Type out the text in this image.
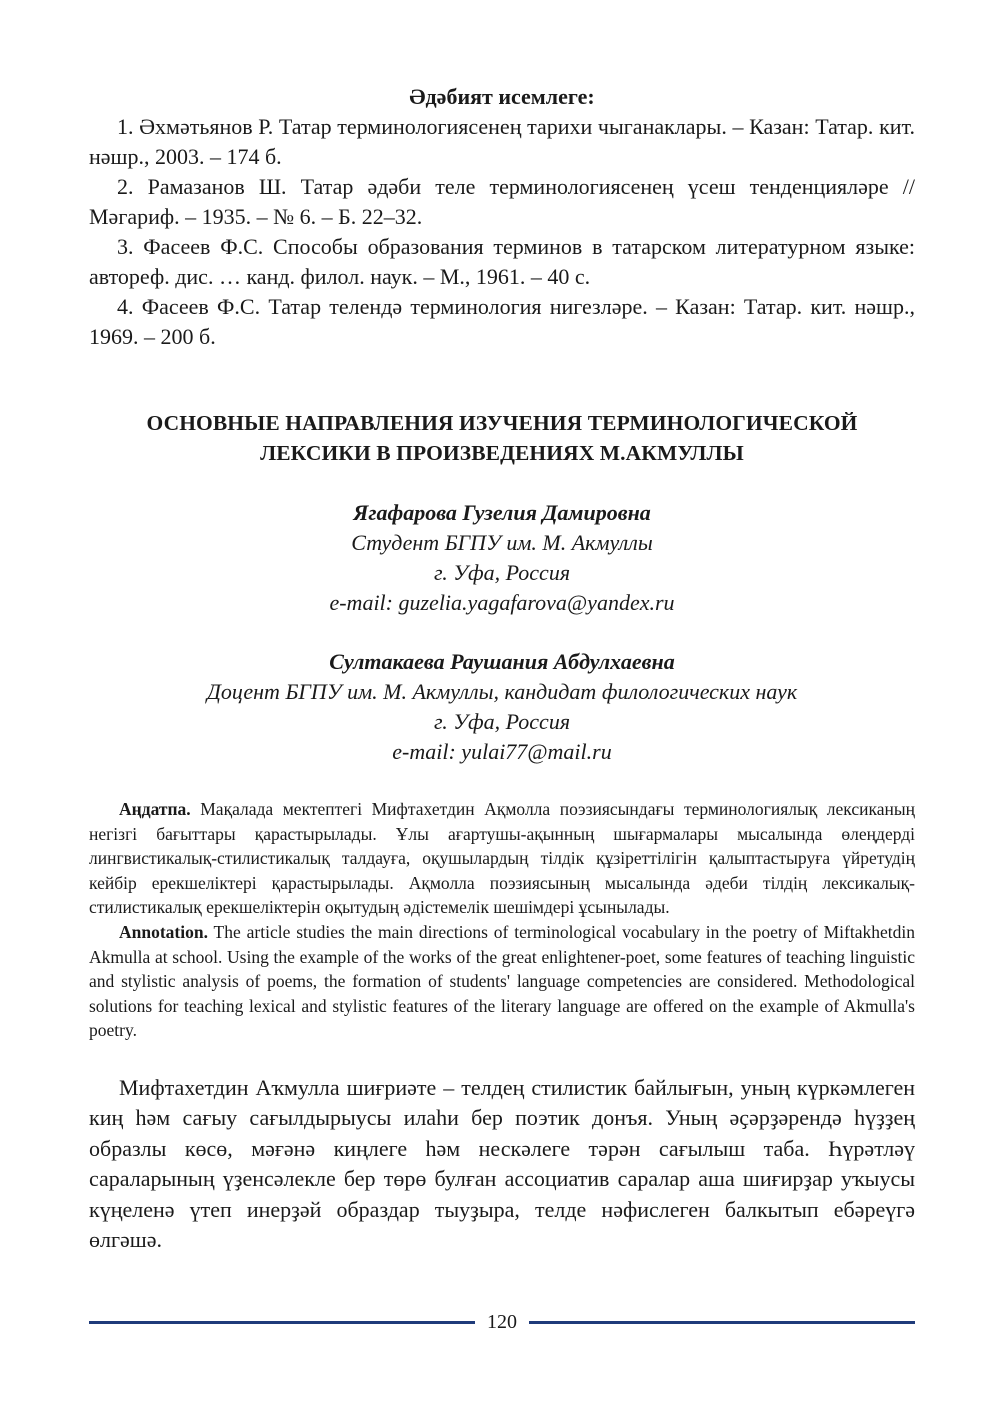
Әдәбият исемлеге:

1. Әхмәтьянов Р. Татар терминологиясенең тарихи чыганаклары. – Казан: Татар. кит. нәшр., 2003. – 174 б.

2. Рамазанов Ш. Татар әдәби теле терминологиясенең үсеш тенденцияләре // Мәгариф. – 1935. – № 6. – Б. 22–32.

3. Фасеев Ф.С. Способы образования терминов в татарском литературном языке: автореф. дис. … канд. филол. наук. – М., 1961. – 40 с.

4. Фасеев Ф.С. Татар телендә терминология нигезләре. – Казан: Татар. кит. нәшр., 1969. – 200 б.

ОСНОВНЫЕ НАПРАВЛЕНИЯ ИЗУЧЕНИЯ ТЕРМИНОЛОГИЧЕСКОЙ
ЛЕКСИКИ В ПРОИЗВЕДЕНИЯХ М.АКМУЛЛЫ
Ягафарова Гузелия Дамировна
Студент БГПУ им. М. Акмуллы
г. Уфа, Россия
e-mail: guzelia.yagafarova@yandex.ru
Султакаева Раушания Абдулхаевна
Доцент БГПУ им. М. Акмуллы, кандидат филологических наук
г. Уфа, Россия
e-mail: yulai77@mail.ru

Аңдатпа. Мақалада мектептегі Мифтахетдин Ақмолла поэзиясындағы терминологиялық лексиканың негізгі бағыттары қарастырылады. Ұлы ағартушы-ақынның шығармалары мысалында өлеңдерді лингвистикалық-стилистикалық талдауға, оқушылардың тілдік құзіреттілігін қалыптастыруға үйретудің кейбір ерекшеліктері қарастырылады. Ақмолла поэзиясының мысалында әдеби тілдің лексикалық-стилистикалық ерекшеліктерін оқытудың әдістемелік шешімдері ұсынылады.

Annotation. The article studies the main directions of terminological vocabulary in the poetry of Miftakhetdin Akmulla at school. Using the example of the works of the great enlightener-poet, some features of teaching linguistic and stylistic analysis of poems, the formation of students' language competencies are considered. Methodological solutions for teaching lexical and stylistic features of the literary language are offered on the example of Akmulla's poetry.

Мифтахетдин Аҡмулла шиғриәте – телдең стилистик байлығын, уның күркәмлеген киң һәм сағыу сағылдырыусы илаһи бер поэтик донъя. Уның әҫәрҙәрендә һүҙҙең образлы көсө, мәғәнә киңлеге һәм нескәлеге тәрән сағылыш таба. Һүрәтләү сараларының үҙенсәлекле бер төрө булған ассоциатив саралар аша шиғирҙар уҡыусы күңеленә үтеп инерҙәй образдар тыуҙыра, телде нәфислеген балкытып ебәреүгә өлгәшә.

120
